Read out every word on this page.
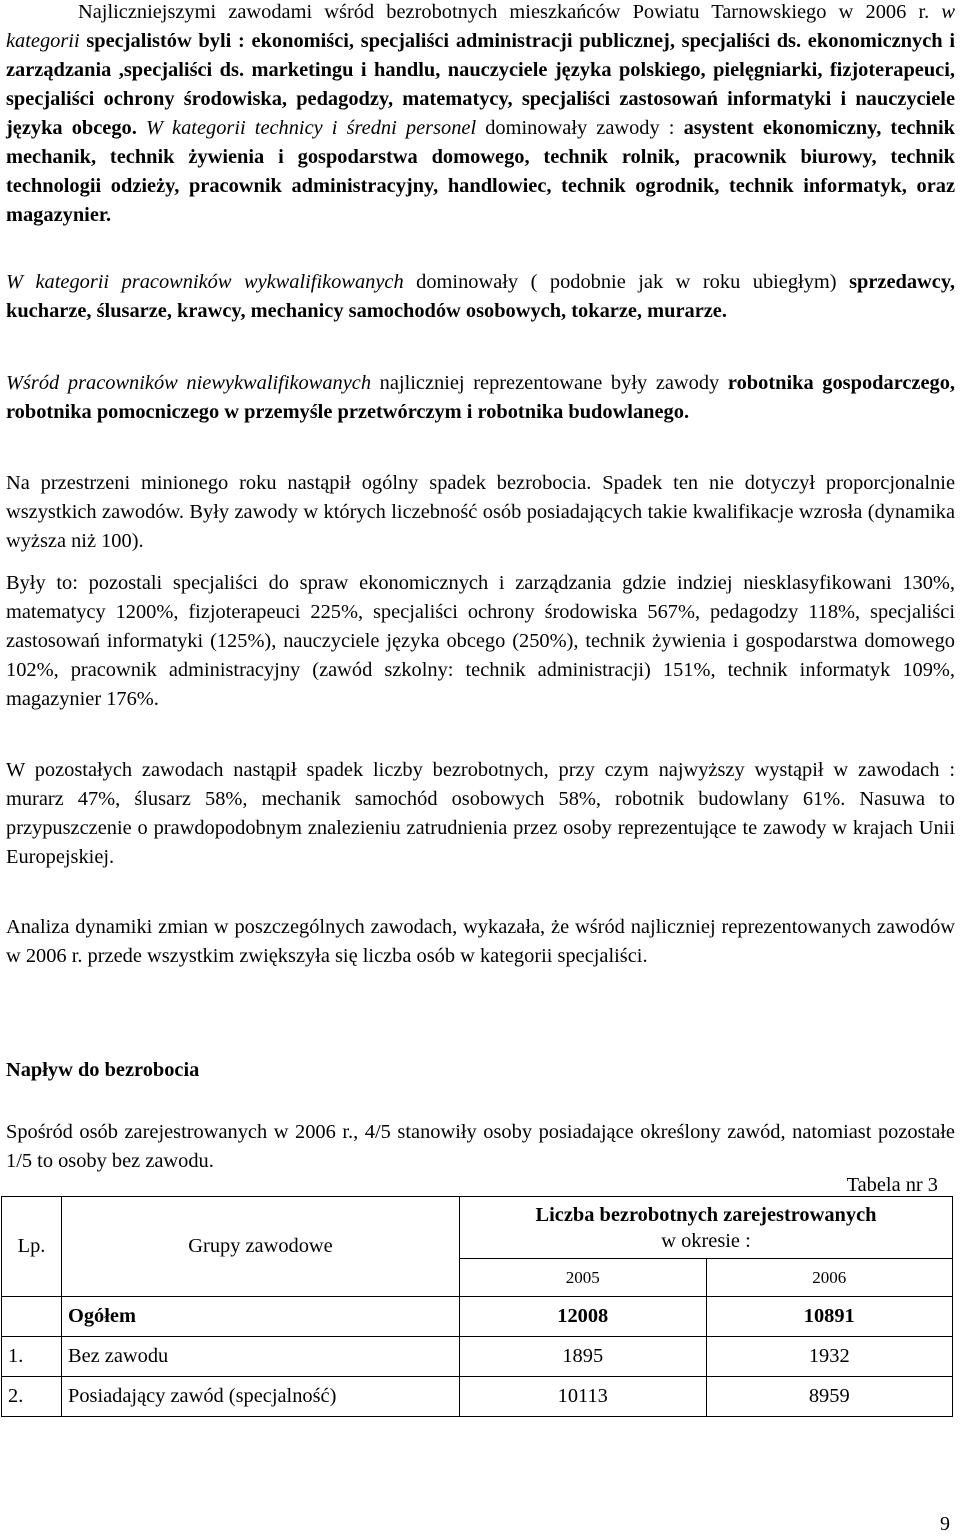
Najliczniejszymi zawodami wśród bezrobotnych mieszkańców Powiatu Tarnowskiego w 2006 r. w kategorii specjalistów byli : ekonomiści, specjaliści administracji publicznej, specjaliści ds. ekonomicznych i zarządzania ,specjaliści ds. marketingu i handlu, nauczyciele języka polskiego, pielęgniarki, fizjoterapeuci, specjaliści ochrony środowiska, pedagodzy, matematycy, specjaliści zastosowań informatyki i nauczyciele języka obcego. W kategorii technicy i średni personel dominowały zawody : asystent ekonomiczny, technik mechanik, technik żywienia i gospodarstwa domowego, technik rolnik, pracownik biurowy, technik technologii odzieży, pracownik administracyjny, handlowiec, technik ogrodnik, technik informatyk, oraz magazynier.

W kategorii pracowników wykwalifikowanych dominowały ( podobnie jak w roku ubiegłym) sprzedawcy, kucharze, ślusarze, krawcy, mechanicy samochodów osobowych, tokarze, murarze.

Wśród pracowników niewykwalifikowanych najliczniej reprezentowane były zawody robotnika gospodarczego, robotnika pomocniczego w przemyśle przetwórczym i robotnika budowlanego.

Na przestrzeni minionego roku nastąpił ogólny spadek bezrobocia. Spadek ten nie dotyczył proporcjonalnie wszystkich zawodów. Były zawody w których liczebność osób posiadających takie kwalifikacje wzrosła (dynamika wyższa niż 100).

Były to: pozostali specjaliści do spraw ekonomicznych i zarządzania gdzie indziej niesklasyfikowani 130%, matematycy 1200%, fizjoterapeuci 225%, specjaliści ochrony środowiska 567%, pedagodzy 118%, specjaliści zastosowań informatyki (125%), nauczyciele języka obcego (250%), technik żywienia i gospodarstwa domowego 102%, pracownik administracyjny (zawód szkolny: technik administracji) 151%, technik informatyk 109%, magazynier 176%.

W pozostałych zawodach nastąpił spadek liczby bezrobotnych, przy czym najwyższy wystąpił w zawodach : murarz 47%, ślusarz 58%, mechanik samochód osobowych 58%, robotnik budowlany 61%. Nasuwa to przypuszczenie o prawdopodobnym znalezieniu zatrudnienia przez osoby reprezentujące te zawody w krajach Unii Europejskiej.

Analiza dynamiki zmian w poszczególnych zawodach, wykazała, że wśród najliczniej reprezentowanych zawodów w 2006 r. przede wszystkim zwiększyła się liczba osób w kategorii specjaliści.

Napływ do bezrobocia

Spośród osób zarejestrowanych w 2006 r., 4/5 stanowiły osoby posiadające określony zawód, natomiast pozostałe 1/5 to osoby bez zawodu.

Tabela nr 3
Lp.	Grupy zawodowe	Liczba bezrobotnych zarejestrowanych
w okresie :	
		2005	2006
	Ogółem	12008	10891
1.	Bez zawodu	1895	1932
2.	Posiadający zawód (specjalność)	10113	8959
9
